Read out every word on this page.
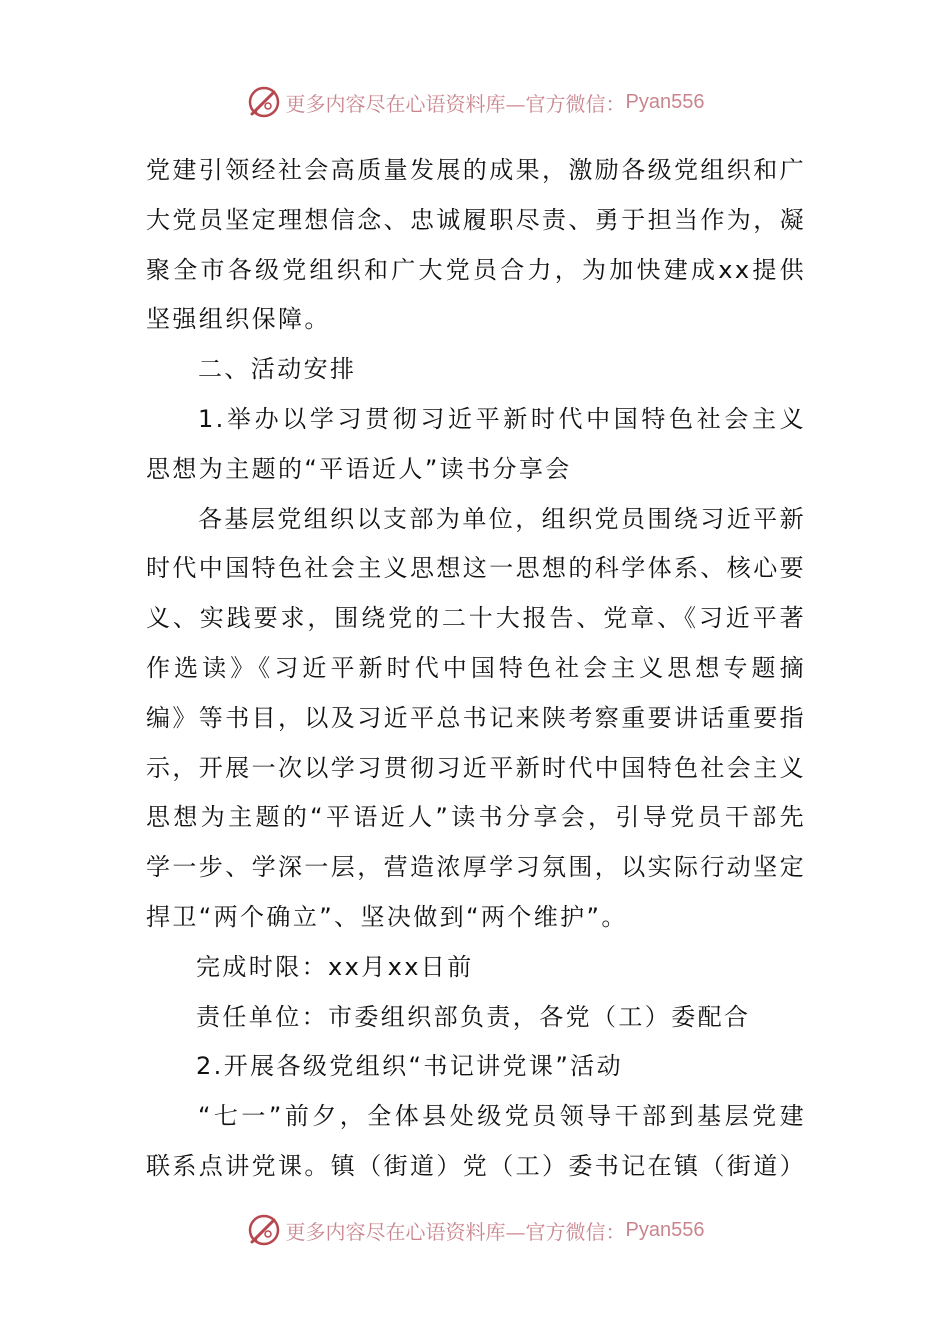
更多内容尽在心语资料库—官方微信： Pyan556

党建引领经社会高质量发展的成果，激励各级党组织和广大党员坚定理想信念、忠诚履职尽责、勇于担当作为，凝聚全市各级党组织和广大党员合力，为加快建成xx提供坚强组织保障。

二、活动安排

1.举办以学习贯彻习近平新时代中国特色社会主义思想为主题的“平语近人”读书分享会

各基层党组织以支部为单位，组织党员围绕习近平新时代中国特色社会主义思想这一思想的科学体系、核心要义、实践要求，围绕党的二十大报告、党章、《习近平著作选读》《习近平新时代中国特色社会主义思想专题摘编》等书目，以及习近平总书记来陕考察重要讲话重要指示，开展一次以学习贯彻习近平新时代中国特色社会主义思想为主题的“平语近人”读书分享会，引导党员干部先学一步、学深一层，营造浓厚学习氛围，以实际行动坚定捍卫“两个确立”、坚决做到“两个维护”。

完成时限：xx月xx日前

责任单位：市委组织部负责，各党（工）委配合

2.开展各级党组织“书记讲党课”活动

“七一”前夕，全体县处级党员领导干部到基层党建联系点讲党课。镇（街道）党（工）委书记在镇（街道）

更多内容尽在心语资料库—官方微信： Pyan556
